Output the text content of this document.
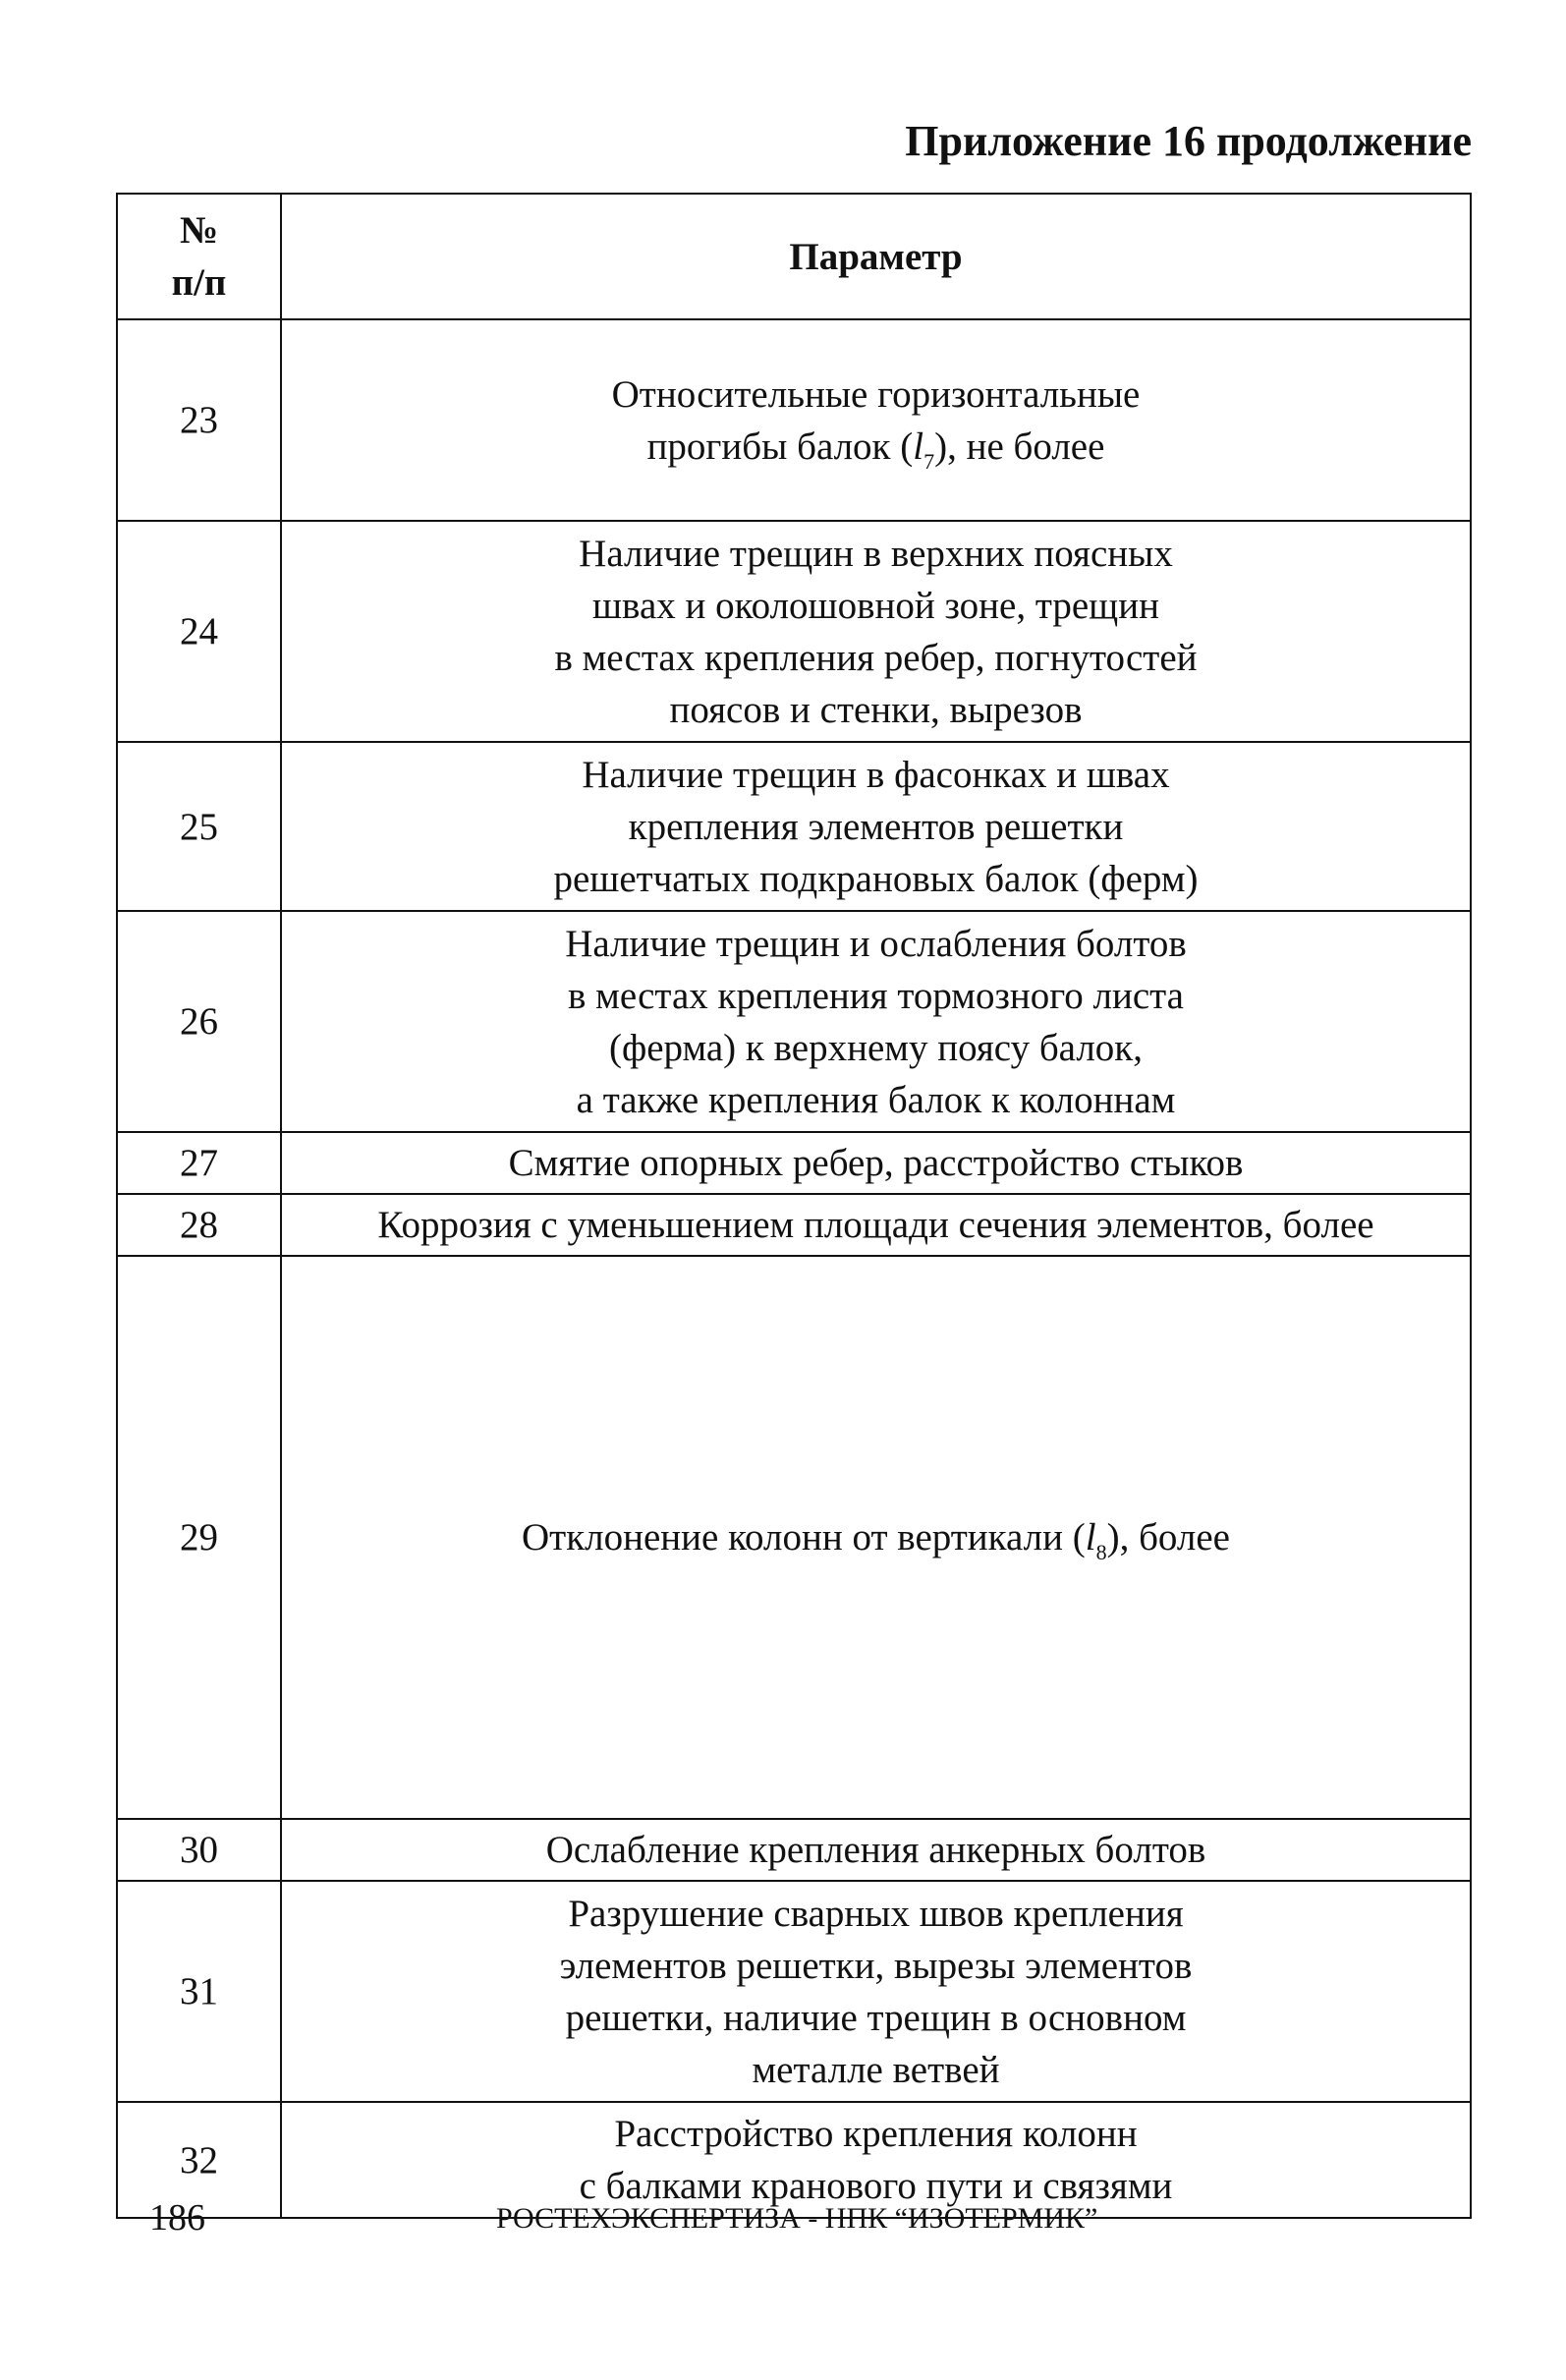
Приложение 16 продолжение
№
п/п	Параметр
23	Относительные горизонтальные
прогибы балок $(l_7)$, не более

24	Наличие трещин в верхних поясных
швах и околошовной зоне, трещин
в местах крепления ребер, погнутостей
поясов и стенки, вырезов

25	Наличие трещин в фасонках и швах
крепления элементов решетки
решетчатых подкрановых балок (ферм)

26	Наличие трещин и ослабления болтов
в местах крепления тормозного листа
(ферма) к верхнему поясу балок,
а также крепления балок к колоннам

27	Смятие опорных ребер, расстройство стыков

28	Коррозия с уменьшением площади сечения элементов, более

29	Отклонение колонн от вертикали $(l_8)$, более

30	Ослабление крепления анкерных болтов

31	Разрушение сварных швов крепления
элементов решетки, вырезы элементов
решетки, наличие трещин в основном
металле ветвей

32	Расстройство крепления колонн
с балками кранового пути и связями
186	РОСТЕХЭКСПЕРТИЗА - НПК “ИЗОТЕРМИК”
